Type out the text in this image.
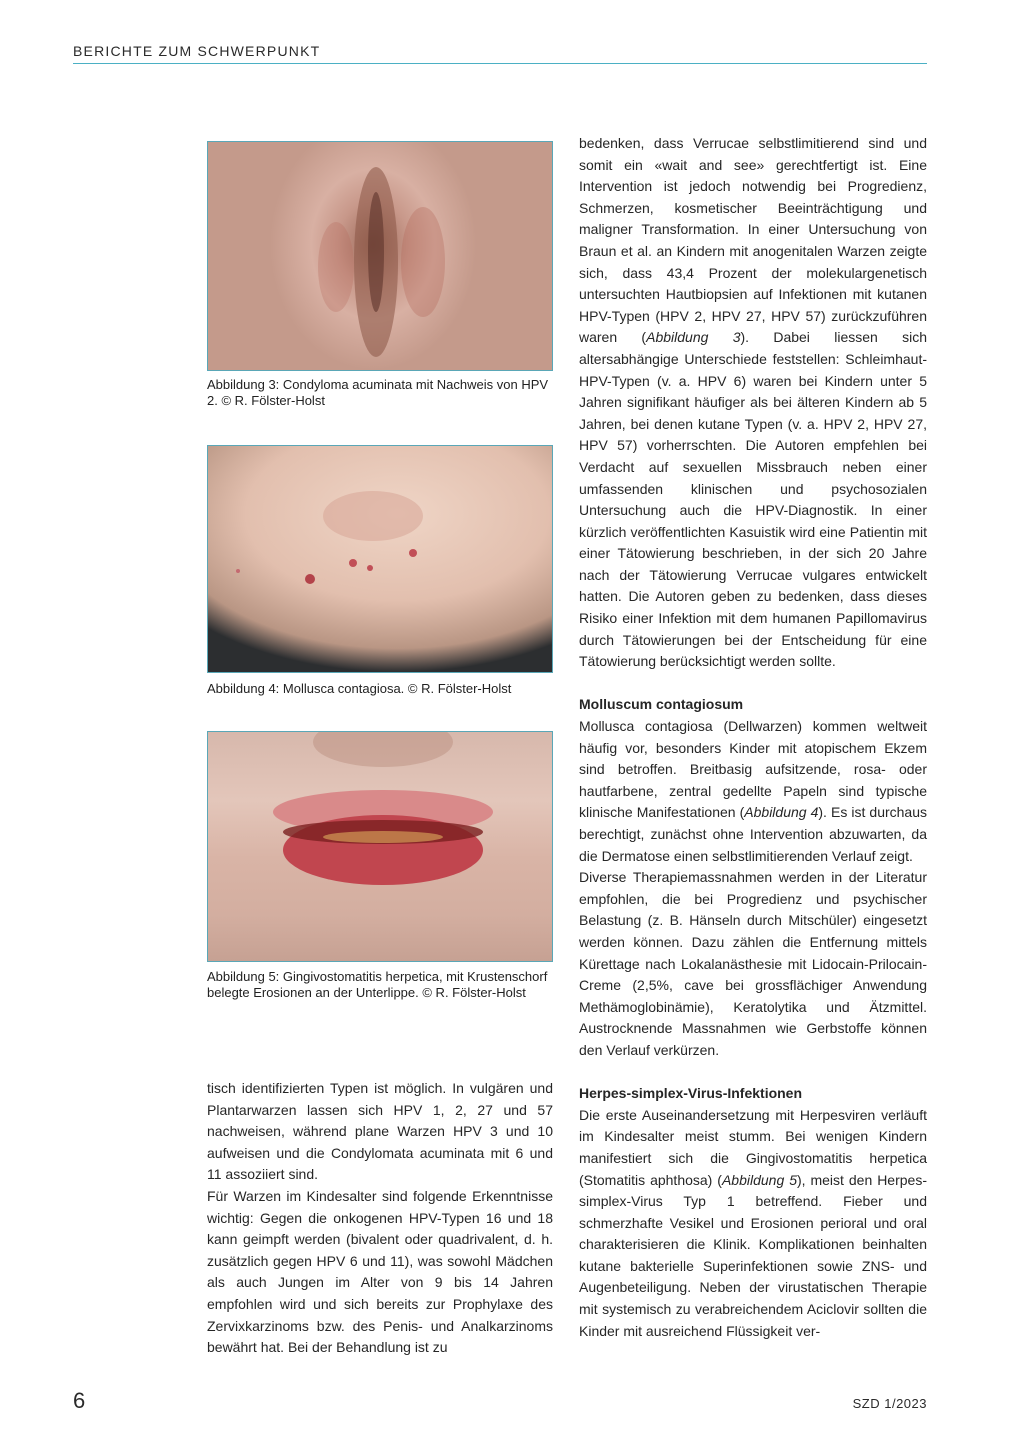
BERICHTE ZUM SCHWERPUNKT
Abbildung 3: Condyloma acuminata mit Nachweis von HPV 2. © R. Fölster-Holst
Abbildung 4: Mollusca contagiosa. © R. Fölster-Holst
Abbildung 5: Gingivostomatitis herpetica, mit Krustenschorf belegte Erosionen an der Unterlippe. © R. Fölster-Holst

tisch identifizierten Typen ist möglich. In vulgären und Plantarwarzen lassen sich HPV 1, 2, 27 und 57 nachweisen, während plane Warzen HPV 3 und 10 aufweisen und die Condylomata acuminata mit 6 und 11 assoziiert sind.

Für Warzen im Kindesalter sind folgende Erkenntnisse wichtig: Gegen die onkogenen HPV-Typen 16 und 18 kann geimpft werden (bivalent oder quadrivalent, d. h. zusätzlich gegen HPV 6 und 11), was sowohl Mädchen als auch Jungen im Alter von 9 bis 14 Jahren empfohlen wird und sich bereits zur Prophylaxe des Zervixkarzinoms bzw. des Penis- und Analkarzinoms bewährt hat. Bei der Behandlung ist zu

bedenken, dass Verrucae selbstlimitierend sind und somit ein «wait and see» gerechtfertigt ist. Eine Intervention ist jedoch notwendig bei Progredienz, Schmerzen, kosmetischer Beeinträchtigung und maligner Transformation. In einer Untersuchung von Braun et al. an Kindern mit anogenitalen Warzen zeigte sich, dass 43,4 Prozent der molekulargenetisch untersuchten Hautbiopsien auf Infektionen mit kutanen HPV-Typen (HPV 2, HPV 27, HPV 57) zurückzuführen waren (Abbildung 3). Dabei liessen sich altersabhängige Unterschiede feststellen: Schleimhaut-HPV-Typen (v. a. HPV 6) waren bei Kindern unter 5 Jahren signifikant häufiger als bei älteren Kindern ab 5 Jahren, bei denen kutane Typen (v. a. HPV 2, HPV 27, HPV 57) vorherrschten. Die Autoren empfehlen bei Verdacht auf sexuellen Missbrauch neben einer umfassenden klinischen und psychosozialen Untersuchung auch die HPV-Diagnostik. In einer kürzlich veröffentlichten Kasuistik wird eine Patientin mit einer Tätowierung beschrieben, in der sich 20 Jahre nach der Tätowierung Verrucae vulgares entwickelt hatten. Die Autoren geben zu bedenken, dass dieses Risiko einer Infektion mit dem humanen Papillomavirus durch Tätowierungen bei der Entscheidung für eine Tätowierung berücksichtigt werden sollte.

Molluscum contagiosum

Mollusca contagiosa (Dellwarzen) kommen weltweit häufig vor, besonders Kinder mit atopischem Ekzem sind betroffen. Breitbasig aufsitzende, rosa- oder hautfarbene, zentral gedellte Papeln sind typische klinische Manifestationen (Abbildung 4). Es ist durchaus berechtigt, zunächst ohne Intervention abzuwarten, da die Dermatose einen selbstlimitierenden Verlauf zeigt.

Diverse Therapiemassnahmen werden in der Literatur empfohlen, die bei Progredienz und psychischer Belastung (z. B. Hänseln durch Mitschüler) eingesetzt werden können. Dazu zählen die Entfernung mittels Kürettage nach Lokalanästhesie mit Lidocain-Prilocain-Creme (2,5%, cave bei grossflächiger Anwendung Methämoglobinämie), Keratolytika und Ätzmittel. Austrocknende Massnahmen wie Gerbstoffe können den Verlauf verkürzen.

Herpes-simplex-Virus-Infektionen

Die erste Auseinandersetzung mit Herpesviren verläuft im Kindesalter meist stumm. Bei wenigen Kindern manifestiert sich die Gingivostomatitis herpetica (Stomatitis aphthosa) (Abbildung 5), meist den Herpes-simplex-Virus Typ 1 betreffend. Fieber und schmerzhafte Vesikel und Erosionen perioral und oral charakterisieren die Klinik. Komplikationen beinhalten kutane bakterielle Superinfektionen sowie ZNS- und Augenbeteiligung. Neben der virustatischen Therapie mit systemisch zu verabreichendem Aciclovir sollten die Kinder mit ausreichend Flüssigkeit ver-

6	SZD 1/2023
